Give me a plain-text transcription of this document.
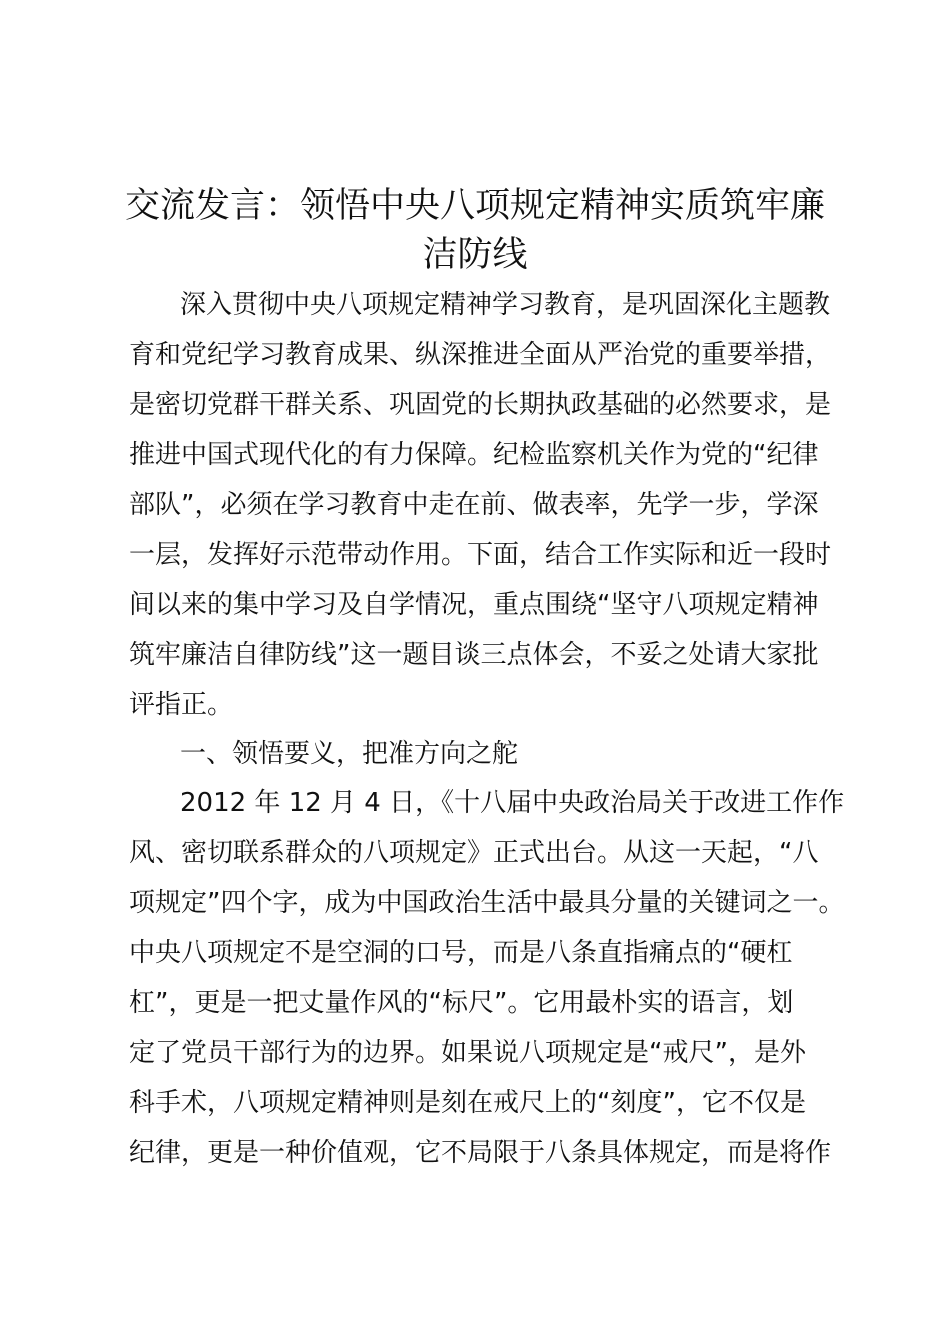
交流发言：领悟中央八项规定精神实质筑牢廉
洁防线
深入贯彻中央八项规定精神学习教育，是巩固深化主题教
育和党纪学习教育成果、纵深推进全面从严治党的重要举措，
是密切党群干群关系、巩固党的长期执政基础的必然要求，是
推进中国式现代化的有力保障。纪检监察机关作为党的“纪律
部队”，必须在学习教育中走在前、做表率，先学一步，学深
一层，发挥好示范带动作用。下面，结合工作实际和近一段时
间以来的集中学习及自学情况，重点围绕“坚守八项规定精神
筑牢廉洁自律防线”这一题目谈三点体会，不妥之处请大家批
评指正。
一、领悟要义，把准方向之舵
2012 年 12 月 4 日，《十八届中央政治局关于改进工作作
风、密切联系群众的八项规定》正式出台。从这一天起，“八
项规定”四个字，成为中国政治生活中最具分量的关键词之一。
中央八项规定不是空洞的口号，而是八条直指痛点的“硬杠
杠”，更是一把丈量作风的“标尺”。它用最朴实的语言，划
定了党员干部行为的边界。如果说八项规定是“戒尺”，是外
科手术，八项规定精神则是刻在戒尺上的“刻度”，它不仅是
纪律，更是一种价值观，它不局限于八条具体规定，而是将作
